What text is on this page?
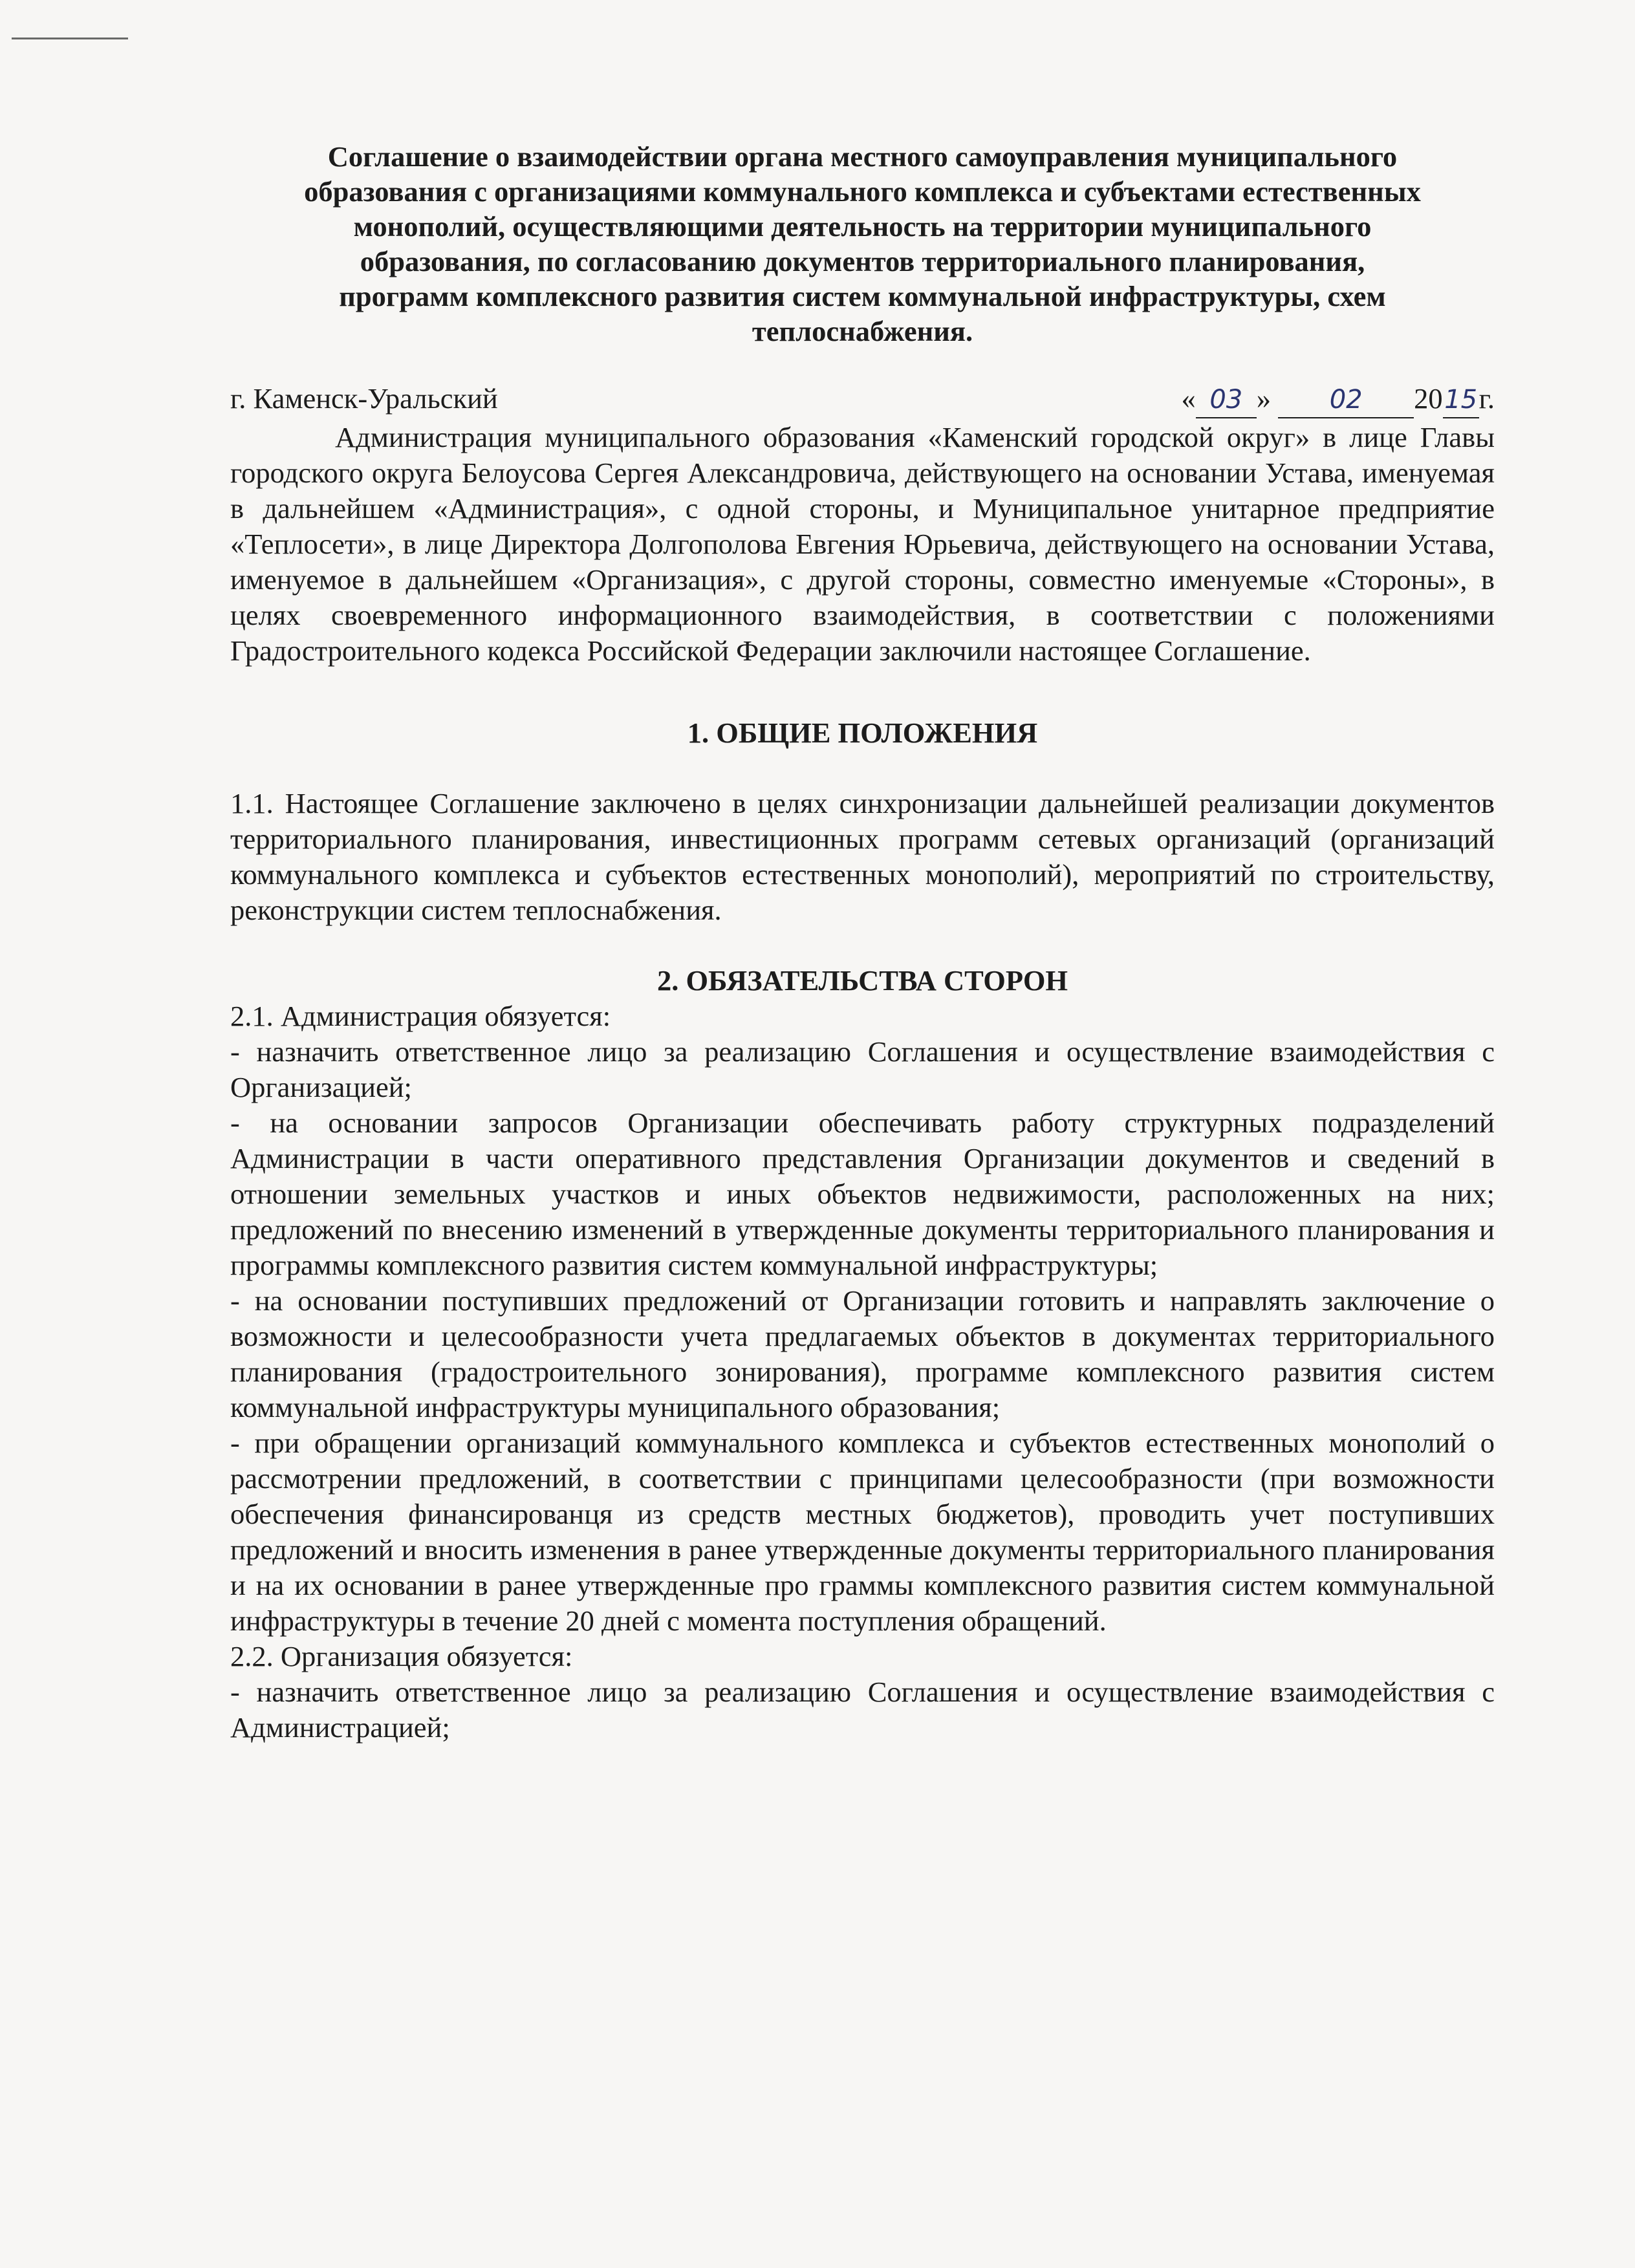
Соглашение о взаимодействии органа местного самоуправления муниципального
образования с организациями коммунального комплекса и субъектами естественных
монополий, осуществляющими деятельность на территории муниципального
образования, по согласованию документов территориального планирования,
программ комплексного развития систем коммунальной инфраструктуры, схем
теплоснабжения.
г. Каменск-Уральский	« 03 » 02 2015г.

Администрация муниципального образования «Каменский городской округ» в лице Главы городского округа Белоусова Сергея Александровича, действующего на основании Устава, именуемая в дальнейшем «Администрация», с одной стороны, и Муниципальное унитарное предприятие «Теплосети», в лице Директора Долгополова Евгения Юрьевича, действующего на основании Устава, именуемое в дальнейшем «Организация», с другой стороны, совместно именуемые «Стороны», в целях своевременного информационного взаимодействия, в соответствии с положениями Градостроительного кодекса Российской Федерации заключили настоящее Соглашение.

1. ОБЩИЕ ПОЛОЖЕНИЯ

1.1. Настоящее Соглашение заключено в целях синхронизации дальнейшей реализации документов территориального планирования, инвестиционных программ сетевых организаций (организаций коммунального комплекса и субъектов естественных монополий), мероприятий по строительству, реконструкции систем теплоснабжения.

2. ОБЯЗАТЕЛЬСТВА СТОРОН

2.1. Администрация обязуется:

- назначить ответственное лицо за реализацию Соглашения и осуществление взаимодействия с Организацией;

- на основании запросов Организации обеспечивать работу структурных подразделений Администрации в части оперативного представления Организации документов и сведений в отношении земельных участков и иных объектов недвижимости, расположенных на них; предложений по внесению изменений в утвержденные документы территориального планирования и программы комплексного развития систем коммунальной инфраструктуры;

- на основании поступивших предложений от Организации готовить и направлять заключение о возможности и целесообразности учета предлагаемых объектов в документах территориального планирования (градостроительного зонирования), программе комплексного развития систем коммунальной инфраструктуры муниципального образования;

- при обращении организаций коммунального комплекса и субъектов естественных монополий о рассмотрении предложений, в соответствии с принципами целесообразности (при возможности обеспечения финансированця из средств местных бюджетов), проводить учет поступивших предложений и вносить изменения в ранее утвержденные документы территориального планирования и на их основании в ранее утвержденные про граммы комплексного развития систем коммунальной инфраструктуры в течение 20 дней с момента поступления обращений.

2.2. Организация обязуется:

- назначить ответственное лицо за реализацию Соглашения и осуществление взаимодействия с Администрацией;
